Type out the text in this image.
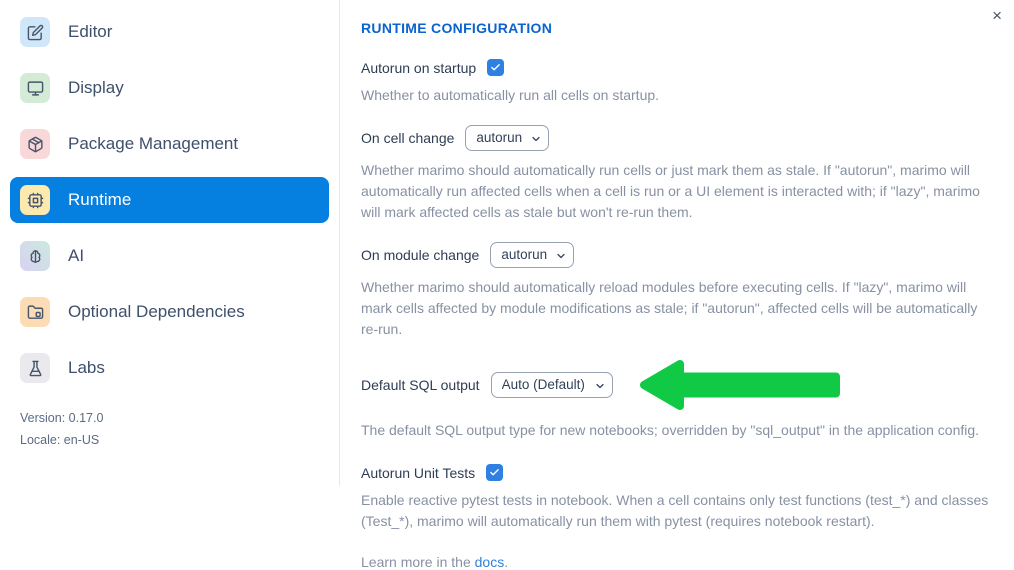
Editor
Display
Package Management
Runtime
AI
Optional Dependencies
Labs
Version: 0.17.0
Locale: en-US
×
RUNTIME CONFIGURATION
Autorun on startup

Whether to automatically run all cells on startup.

On cell change
autorun

Whether marimo should automatically run cells or just mark them as stale. If "autorun", marimo will automatically run affected cells when a cell is run or a UI element is interacted with; if "lazy", marimo will mark affected cells as stale but won't re-run them.

On module change
autorun

Whether marimo should automatically reload modules before executing cells. If "lazy", marimo will mark cells affected by module modifications as stale; if "autorun", affected cells will be automatically re-run.

Default SQL output
Auto (Default)

The default SQL output type for new notebooks; overridden by "sql_output" in the application config.

Autorun Unit Tests

Enable reactive pytest tests in notebook. When a cell contains only test functions (test_*) and classes (Test_*), marimo will automatically run them with pytest (requires notebook restart).

Learn more in the docs.
